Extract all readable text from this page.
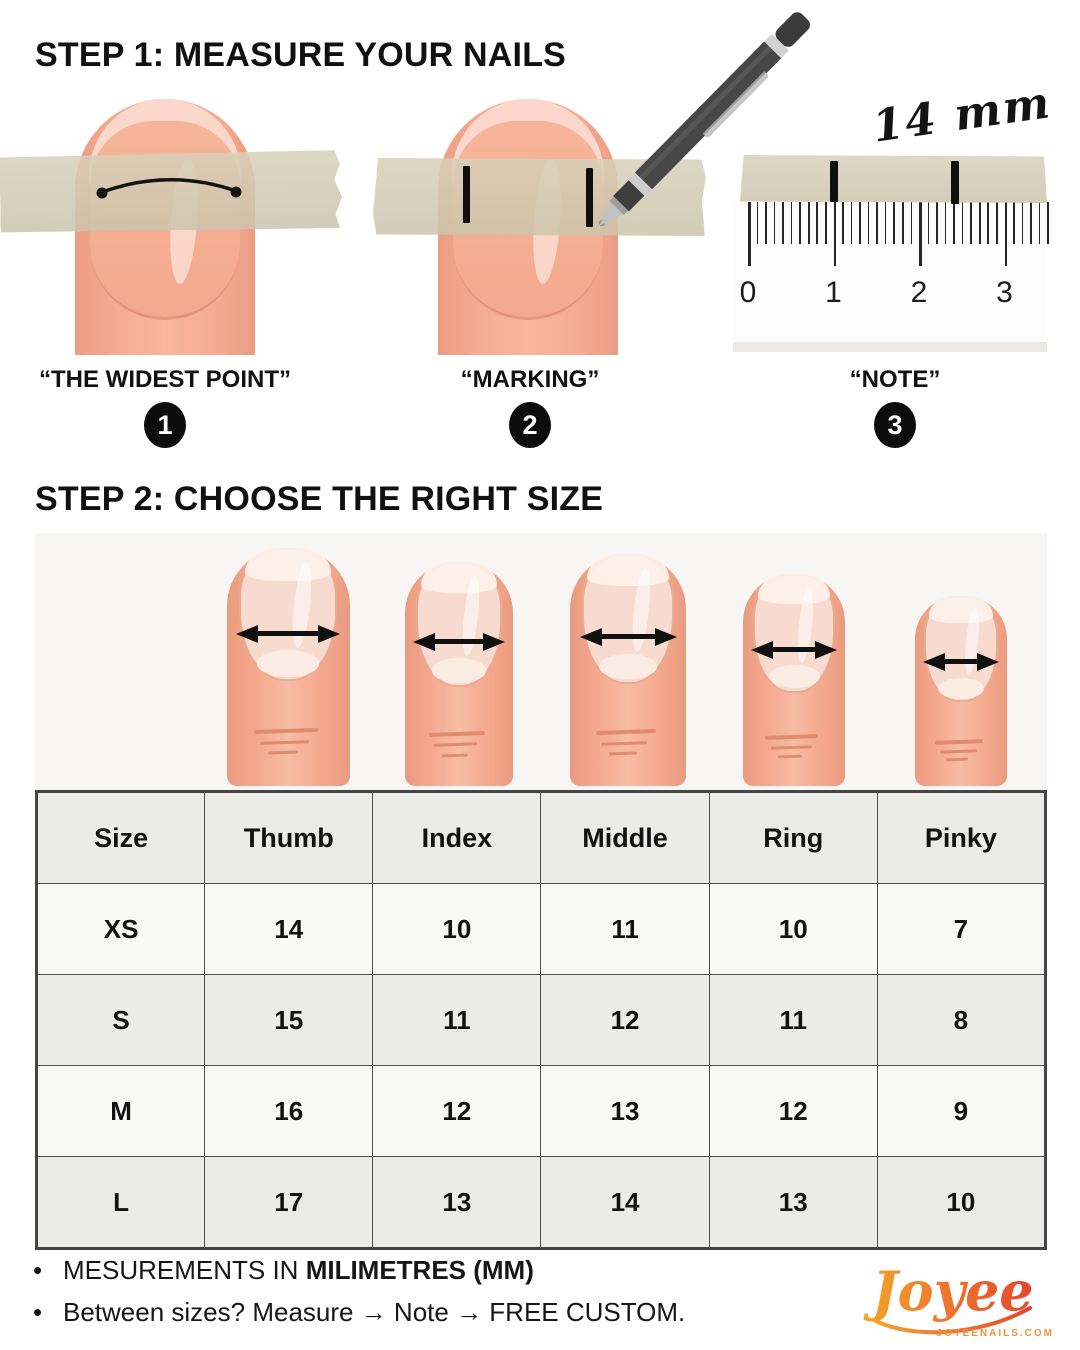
STEP 1: MEASURE YOUR NAILS
14 mm
0 1 2 3
“THE WIDEST POINT”	“MARKING”	“NOTE”
1	2	3
STEP 2: CHOOSE THE RIGHT SIZE
Size	Thumb	Index	Middle	Ring	Pinky
XS	14	10	11	10	7
S	15	11	12	11	8
M	16	12	13	12	9
L	17	13	14	13	10
• MESUREMENTS IN MILIMETRES (MM)
• Between sizes? Measure → Note → FREE CUSTOM.	Joyee
JOYEENAILS.COM
